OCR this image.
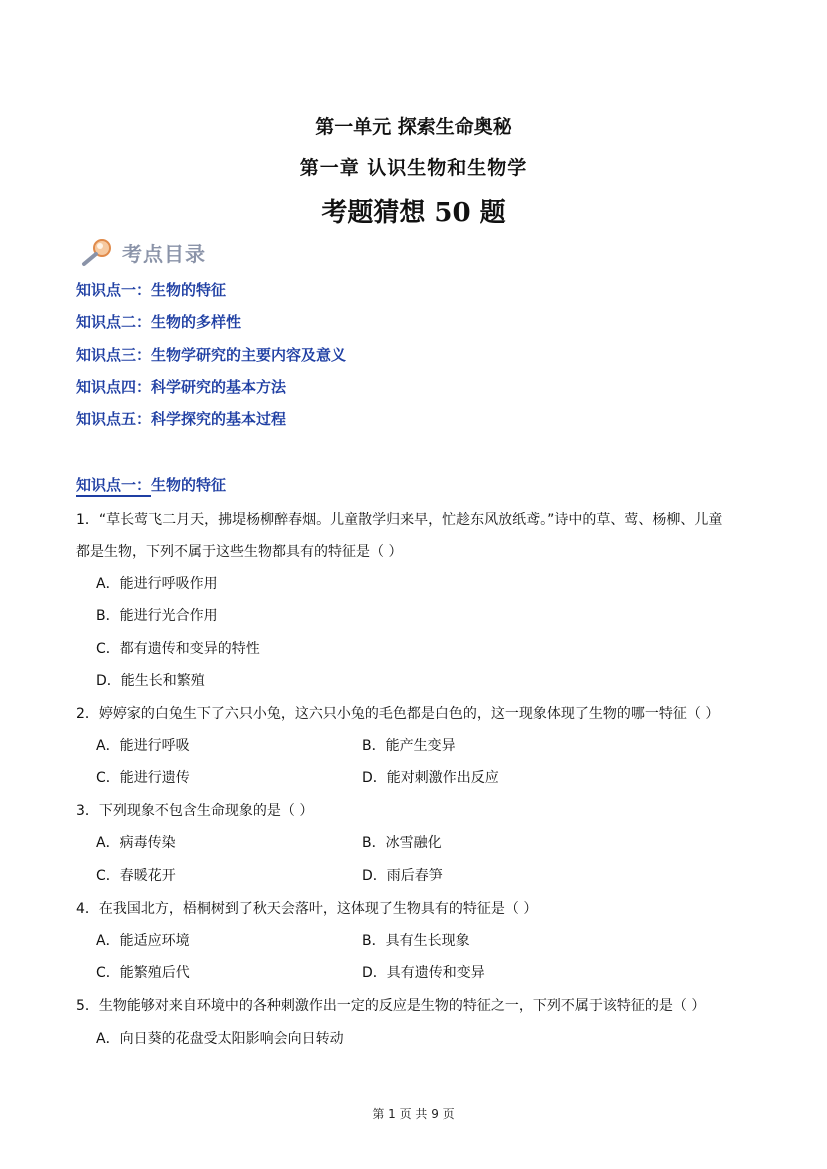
第一单元 探索生命奥秘
第一章 认识生物和生物学
考题猜想 50 题
考点目录
知识点一：生物的特征
知识点二：生物的多样性
知识点三：生物学研究的主要内容及意义
知识点四：科学研究的基本方法
知识点五：科学探究的基本过程
知识点一：生物的特征
1．“草长莺飞二月天，拂堤杨柳醉春烟。儿童散学归来早，忙趁东风放纸鸢。”诗中的草、莺、杨柳、儿童
都是生物，下列不属于这些生物都具有的特征是（ ）
A．能进行呼吸作用
B．能进行光合作用
C．都有遗传和变异的特性
D．能生长和繁殖
2．婷婷家的白兔生下了六只小兔，这六只小兔的毛色都是白色的，这一现象体现了生物的哪一特征（ ）
A．能进行呼吸	B．能产生变异
C．能进行遗传	D．能对刺激作出反应
3．下列现象不包含生命现象的是（ ）
A．病毒传染	B．冰雪融化
C．春暖花开	D．雨后春笋
4．在我国北方，梧桐树到了秋天会落叶，这体现了生物具有的特征是（ ）
A．能适应环境	B．具有生长现象
C．能繁殖后代	D．具有遗传和变异
5．生物能够对来自环境中的各种刺激作出一定的反应是生物的特征之一，下列不属于该特征的是（ ）
A．向日葵的花盘受太阳影响会向日转动
第 1 页 共 9 页
